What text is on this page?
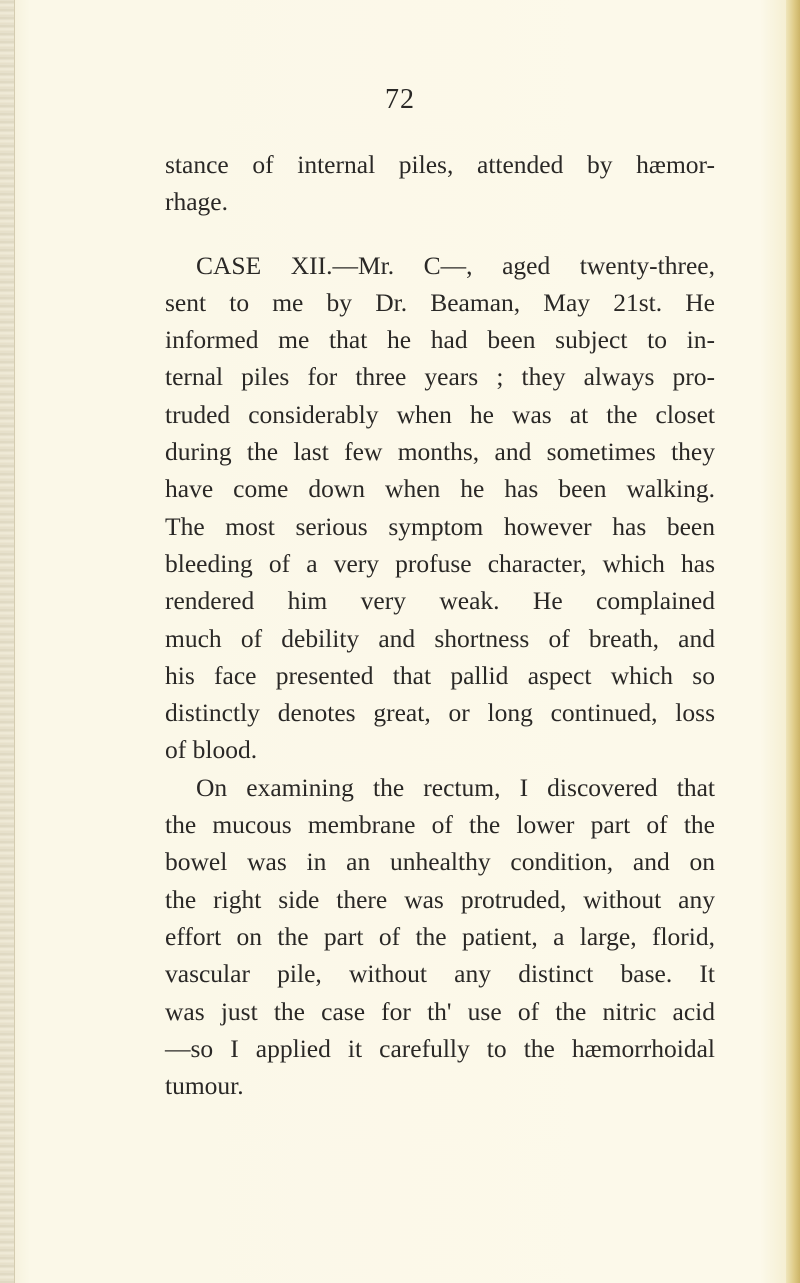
72
stance of internal piles, attended by hæmor-
rhage.
CASE XII.—Mr. C—, aged twenty-three,
sent to me by Dr. Beaman, May 21st. He
informed me that he had been subject to in-
ternal piles for three years ; they always pro-
truded considerably when he was at the closet
during the last few months, and sometimes they
have come down when he has been walking.
The most serious symptom however has been
bleeding of a very profuse character, which has
rendered him very weak. He complained
much of debility and shortness of breath, and
his face presented that pallid aspect which so
distinctly denotes great, or long continued, loss
of blood.
On examining the rectum, I discovered that
the mucous membrane of the lower part of the
bowel was in an unhealthy condition, and on
the right side there was protruded, without any
effort on the part of the patient, a large, florid,
vascular pile, without any distinct base. It
was just the case for th' use of the nitric acid
—so I applied it carefully to the hæmorrhoidal
tumour.
